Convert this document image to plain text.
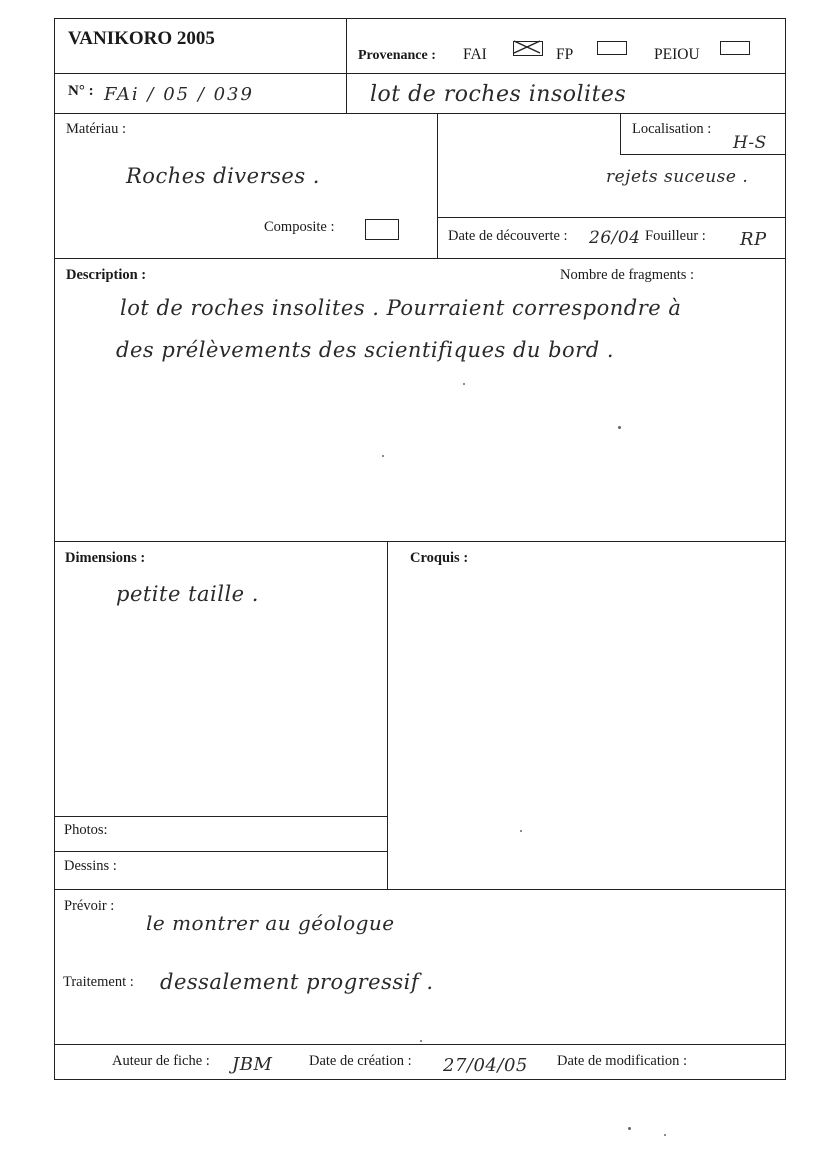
VANIKORO 2005
Provenance : FAI	FP	PEIOU
N° : FAi / 05 / 039	lot de roches insolites
Matériau :
Roches diverses .
Composite :
Localisation :
H-S
rejets suceuse .
Date de découverte : 26/04 Fouilleur : RP
Description :	Nombre de fragments :
lot de roches insolites . Pourraient correspondre à
des prélèvements des scientifiques du bord .
Dimensions :
petite taille .
Croquis :
Photos:
Dessins :
Prévoir :
le montrer au géologue
Traitement : dessalement progressif .
Auteur de fiche : JBM	Date de création : 27/04/05 Date de modification :
